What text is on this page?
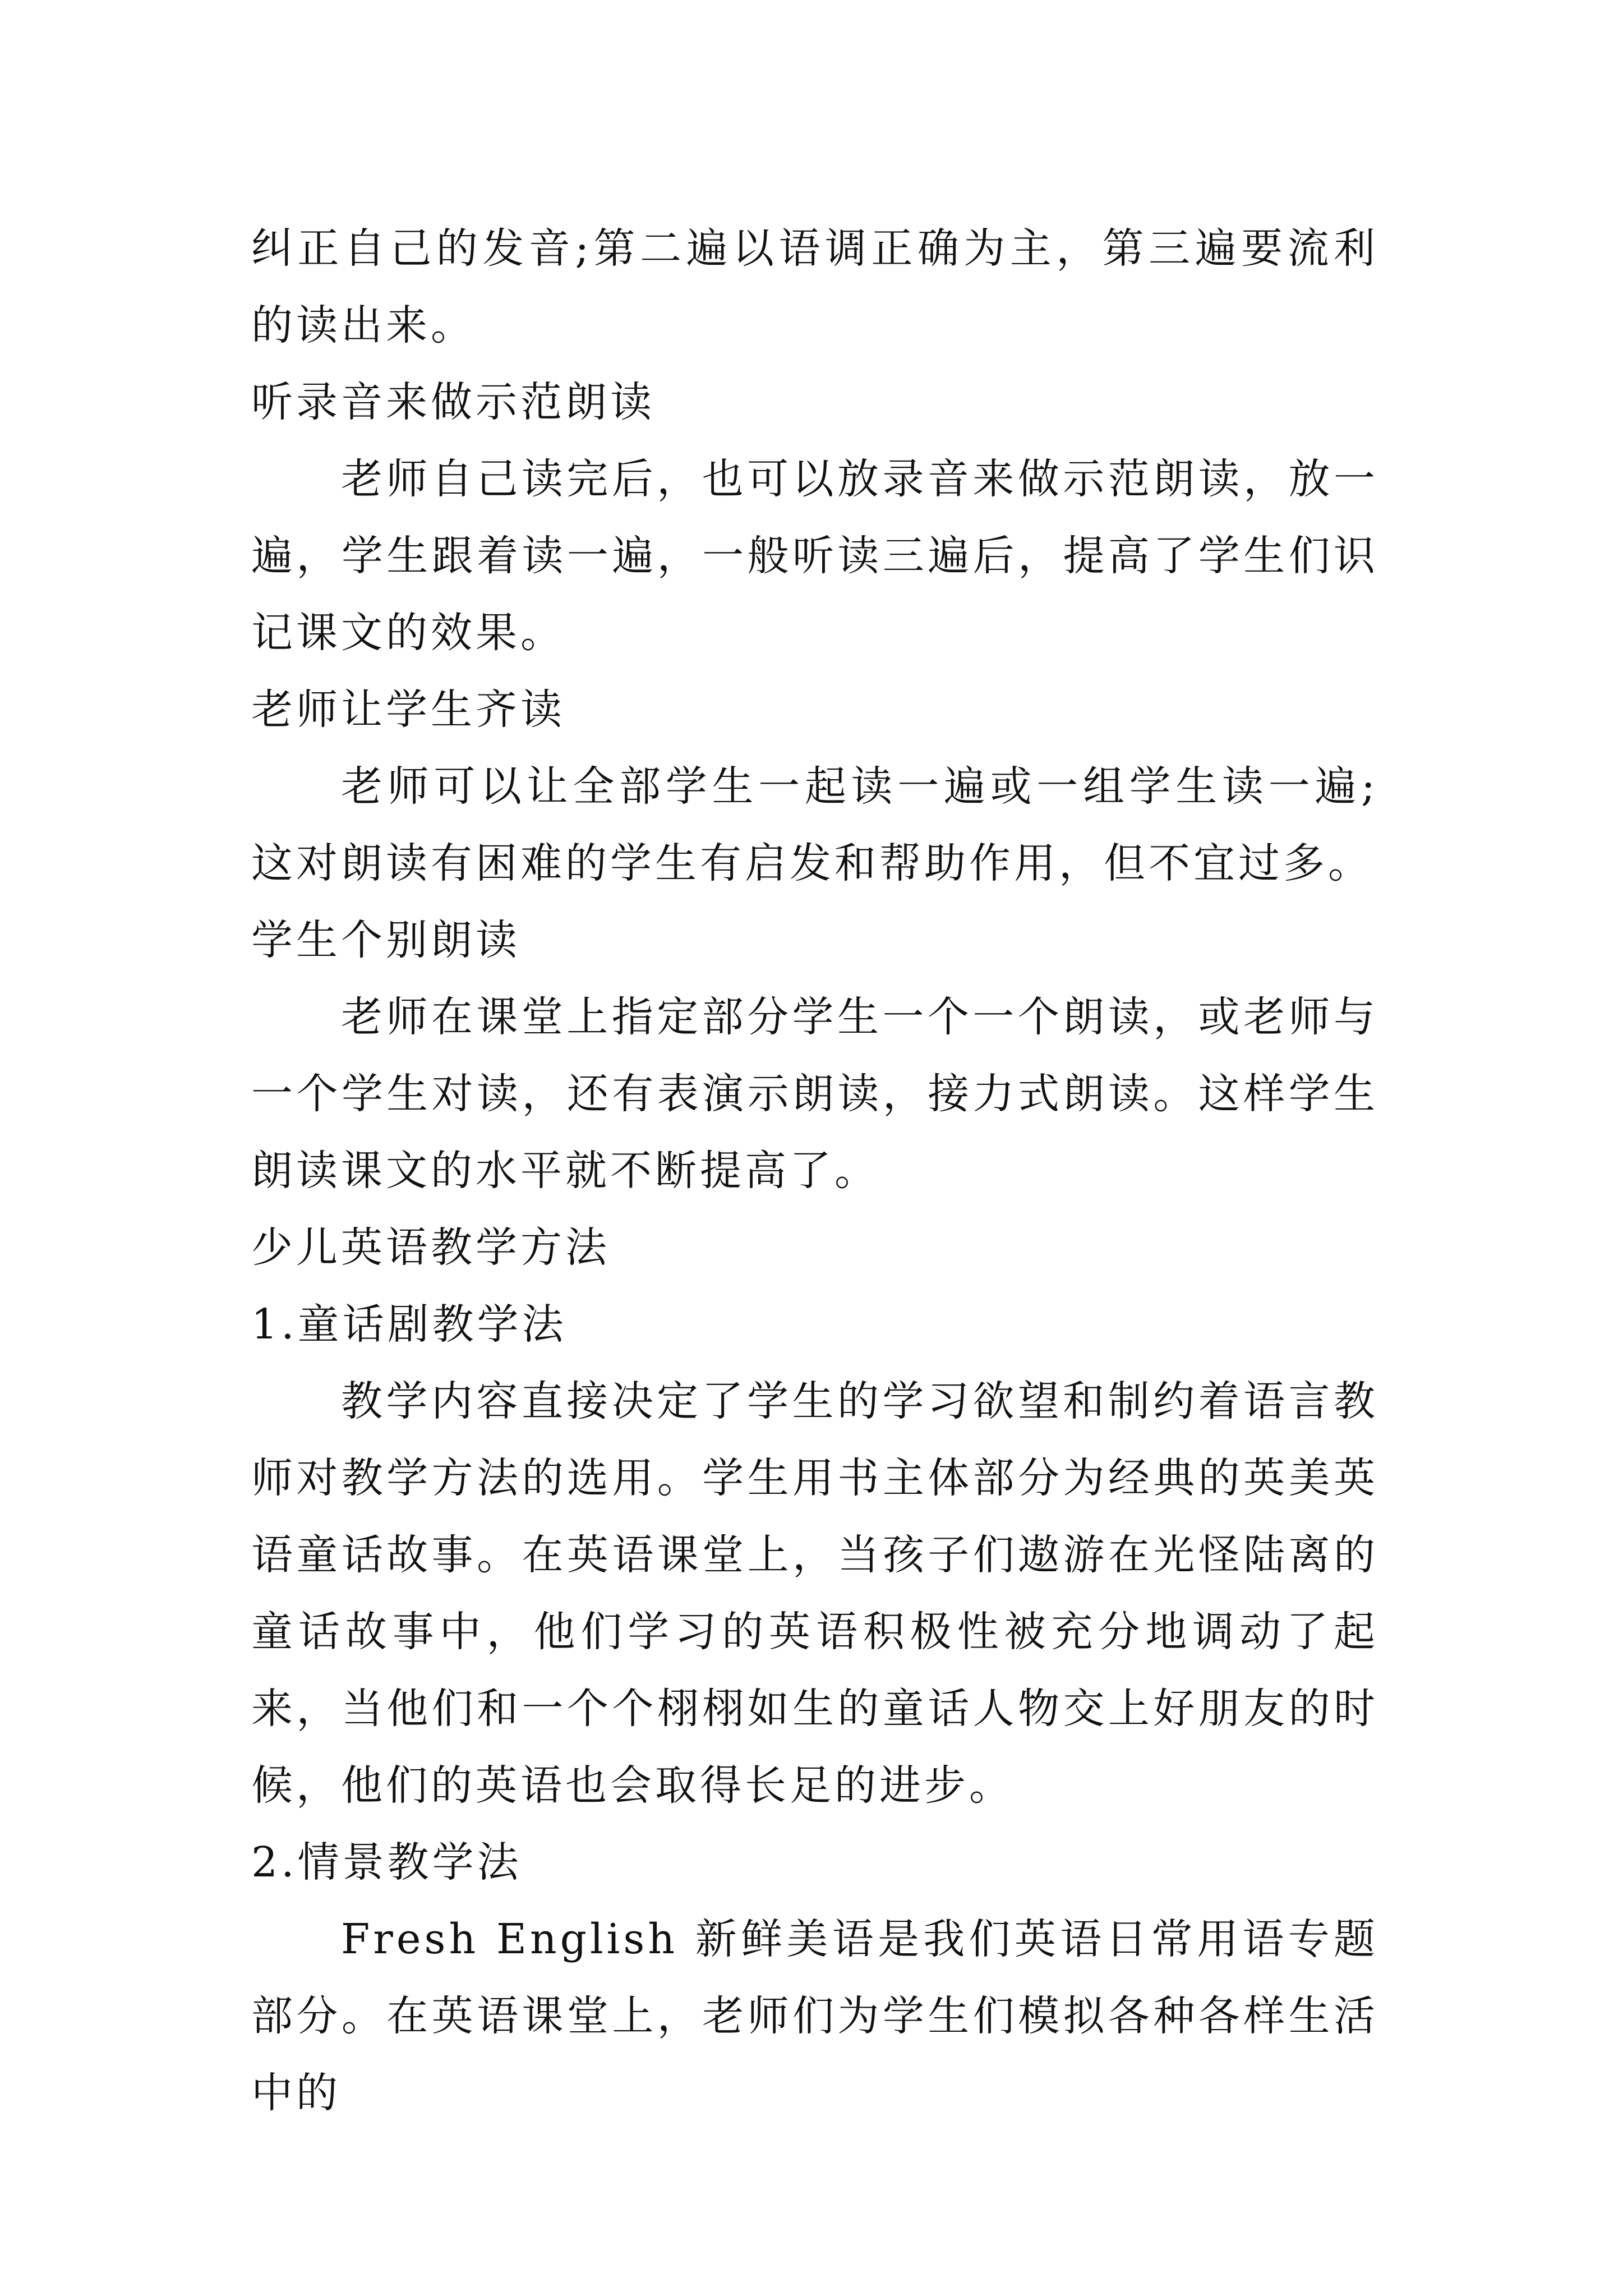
纠正自己的发音;第二遍以语调正确为主，第三遍要流利的读出来。

听录音来做示范朗读

老师自己读完后，也可以放录音来做示范朗读，放一遍，学生跟着读一遍，一般听读三遍后，提高了学生们识记课文的效果。

老师让学生齐读

老师可以让全部学生一起读一遍或一组学生读一遍;这对朗读有困难的学生有启发和帮助作用，但不宜过多。

学生个别朗读

老师在课堂上指定部分学生一个一个朗读，或老师与一个学生对读，还有表演示朗读，接力式朗读。这样学生朗读课文的水平就不断提高了。

少儿英语教学方法

1.童话剧教学法

教学内容直接决定了学生的学习欲望和制约着语言教师对教学方法的选用。学生用书主体部分为经典的英美英语童话故事。在英语课堂上，当孩子们遨游在光怪陆离的童话故事中，他们学习的英语积极性被充分地调动了起来，当他们和一个个栩栩如生的童话人物交上好朋友的时候，他们的英语也会取得长足的进步。

2.情景教学法

Fresh English 新鲜美语是我们英语日常用语专题部分。在英语课堂上，老师们为学生们模拟各种各样生活中的
